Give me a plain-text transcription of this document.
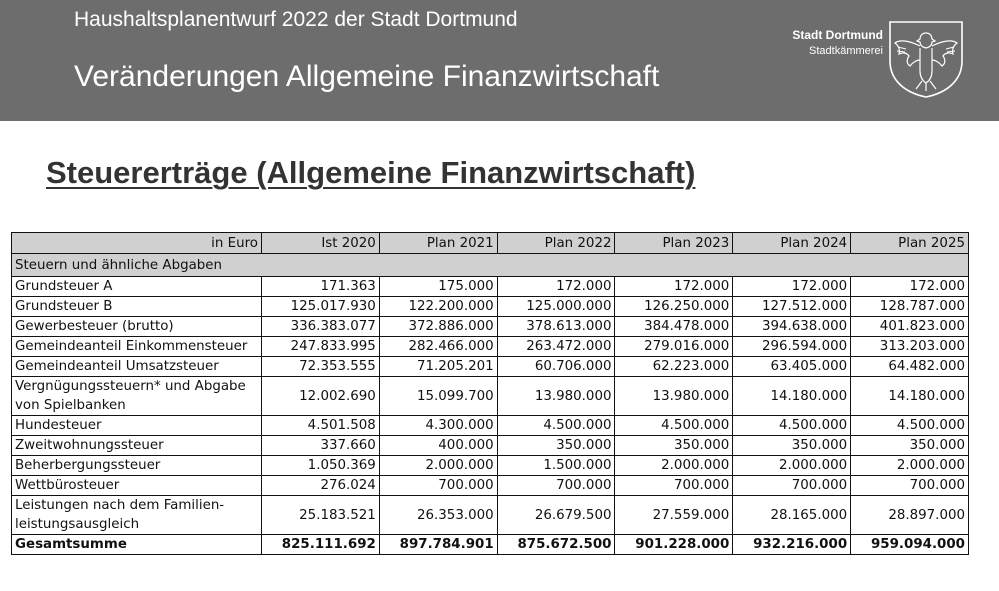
Haushaltsplanentwurf 2022 der Stadt Dortmund
Veränderungen Allgemeine Finanzwirtschaft
Stadt Dortmund
Stadtkämmerei
Steuererträge (Allgemeine Finanzwirtschaft)
in Euro	Ist 2020	Plan 2021	Plan 2022	Plan 2023	Plan 2024	Plan 2025
Steuern und ähnliche Abgaben						
Grundsteuer A	171.363	175.000	172.000	172.000	172.000	172.000
Grundsteuer B	125.017.930	122.200.000	125.000.000	126.250.000	127.512.000	128.787.000
Gewerbesteuer (brutto)	336.383.077	372.886.000	378.613.000	384.478.000	394.638.000	401.823.000
Gemeindeanteil Einkommensteuer	247.833.995	282.466.000	263.472.000	279.016.000	296.594.000	313.203.000
Gemeindeanteil Umsatzsteuer	72.353.555	71.205.201	60.706.000	62.223.000	63.405.000	64.482.000
Vergnügungssteuern* und Abgabe von Spielbanken	12.002.690	15.099.700	13.980.000	13.980.000	14.180.000	14.180.000
Hundesteuer	4.501.508	4.300.000	4.500.000	4.500.000	4.500.000	4.500.000
Zweitwohnungssteuer	337.660	400.000	350.000	350.000	350.000	350.000
Beherbergungssteuer	1.050.369	2.000.000	1.500.000	2.000.000	2.000.000	2.000.000
Wettbürosteuer	276.024	700.000	700.000	700.000	700.000	700.000
Leistungen nach dem Familien-leistungsausgleich	25.183.521	26.353.000	26.679.500	27.559.000	28.165.000	28.897.000
Gesamtsumme	825.111.692	897.784.901	875.672.500	901.228.000	932.216.000	959.094.000
